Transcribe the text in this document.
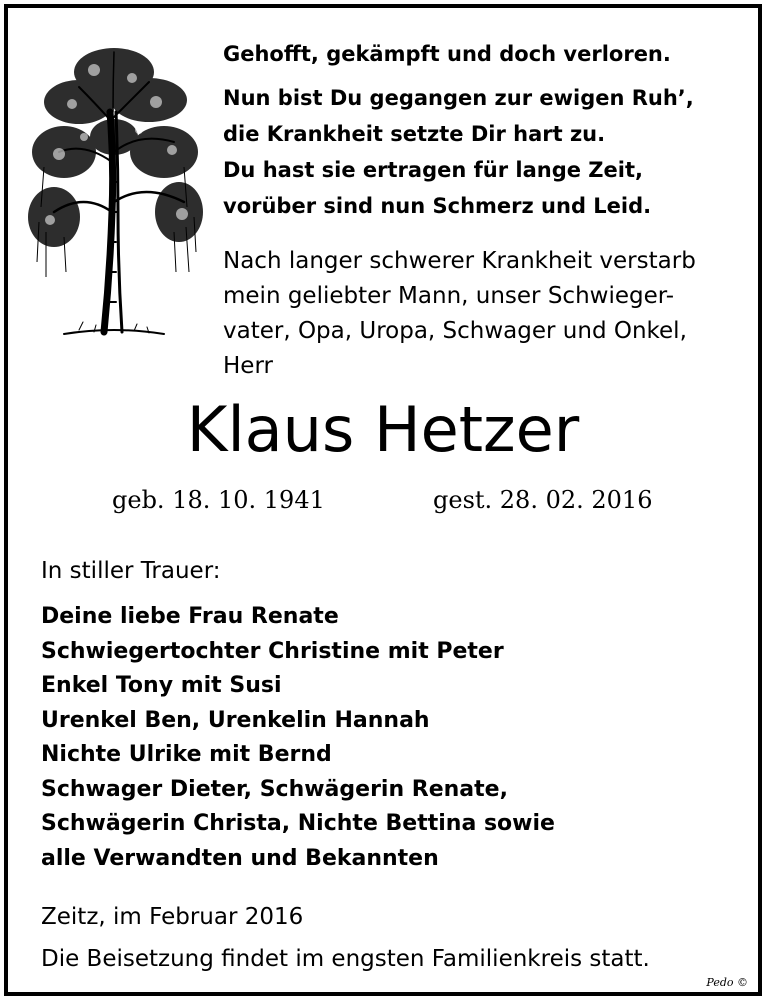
Gehofft, gekämpft und doch verloren.
Nun bist Du gegangen zur ewigen Ruh’,
die Krankheit setzte Dir hart zu.
Du hast sie ertragen für lange Zeit,
vorüber sind nun Schmerz und Leid.
Nach langer schwerer Krankheit verstarb
mein geliebter Mann, unser Schwieger-
vater, Opa, Uropa, Schwager und Onkel,
Herr
Klaus Hetzer
geb. 18. 10. 1941	gest. 28. 02. 2016
In stiller Trauer:
Deine liebe Frau Renate
Schwiegertochter Christine mit Peter
Enkel Tony mit Susi
Urenkel Ben, Urenkelin Hannah
Nichte Ulrike mit Bernd
Schwager Dieter, Schwägerin Renate,
Schwägerin Christa, Nichte Bettina sowie
alle Verwandten und Bekannten
Zeitz, im Februar 2016
Die Beisetzung findet im engsten Familienkreis statt.
Pedo ©
